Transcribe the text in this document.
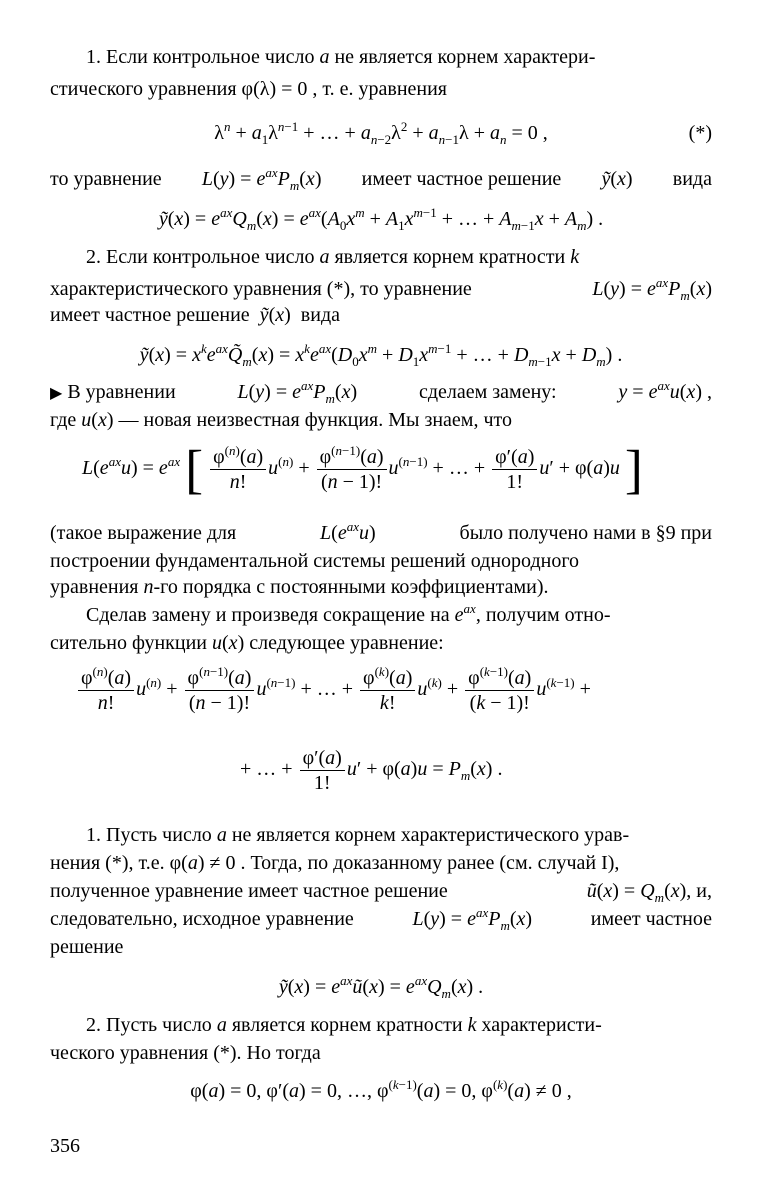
1. Если контрольное число a не является корнем характери-
стического уравнения φ(λ) = 0 , т. е. уравнения
$\lambda^n + a_1\lambda^{n-1}$ + … + $a_{n-2}\lambda^2 + a_{n-1}\lambda + a_n = 0$ ,	(*)
то уравнение $L(y) = e^{ax}P_m(x)$ имеет частное решение ỹ(x) вида
ỹ(x) = $e^{ax}Q_m(x) = e^{ax}(A_0x^m + A_1x^{m-1}$ + … + $A_{m-1}x + A_m$) .
2. Если контрольное число a является корнем кратности k
характеристического уравнения (*), то уравнение	$L(y) = e^{ax}P_m(x)$
имеет частное решение ỹ(x)  вида
ỹ(x) = $x^ke^{ax}Q̃_m(x) = x^ke^{ax}(D_0x^m + D_1x^{m-1}$ + … + $D_{m-1}x + D_m$) .
▶ В уравнении	$L(y) = e^{ax}P_m(x)$	сделаем замену:	$y = e^{ax}u(x)$ ,
где u(x) — новая неизвестная функция. Мы знаем, что
$L(e^{ax}u) = e^{ax}$ [ $\frac{\varphi^{(n)}(a)}{n!} u^{(n)} + \frac{\varphi^{(n-1)}(a)}{(n - 1)!} u^{(n-1)}$ + … + $\frac{\varphi'(a)}{1!} u' + \varphi(a)u$ ]
(такое выражение для	$L(e^{ax}u)$	было получено нами в §9 при
построении фундаментальной системы решений однородного
уравнения n-го порядка с постоянными коэффициентами).
Сделав замену и произведя сокращение на $e^{ax}$, получим отно-
сительно функции u(x) следующее уравнение:
$\frac{\varphi^{(n)}(a)}{n!} u^{(n)} + \frac{\varphi^{(n-1)}(a)}{(n - 1)!} u^{(n-1)}$ + … + $\frac{\varphi^{(k)}(a)}{k!} u^{(k)} + \frac{\varphi^{(k-1)}(a)}{(k - 1)!} u^{(k-1)}$ +
+ … + $\frac{\varphi'(a)}{1!} u' + \varphi(a)u = P_m(x)$ .
1. Пусть число a не является корнем характеристического урав-
нения (*), т.е. φ(a) ≠ 0 . Тогда, по доказанному ранее (см. случай I),
полученное уравнение имеет частное решение	ũ(x) = $Q_m(x)$, и,
следовательно, исходное уравнение	$L(y) = e^{ax}P_m(x)$	имеет частное
решение
ỹ(x) = $e^{ax}ũ(x) = e^{ax}Q_m(x)$ .
2. Пусть число a является корнем кратности k характеристи-
ческого уравнения (*). Но тогда
φ(a) = 0, φ′(a) = 0, …, $\varphi^{(k-1)}(a) = 0$, $\varphi^{(k)}(a) \ne 0$ ,
356
